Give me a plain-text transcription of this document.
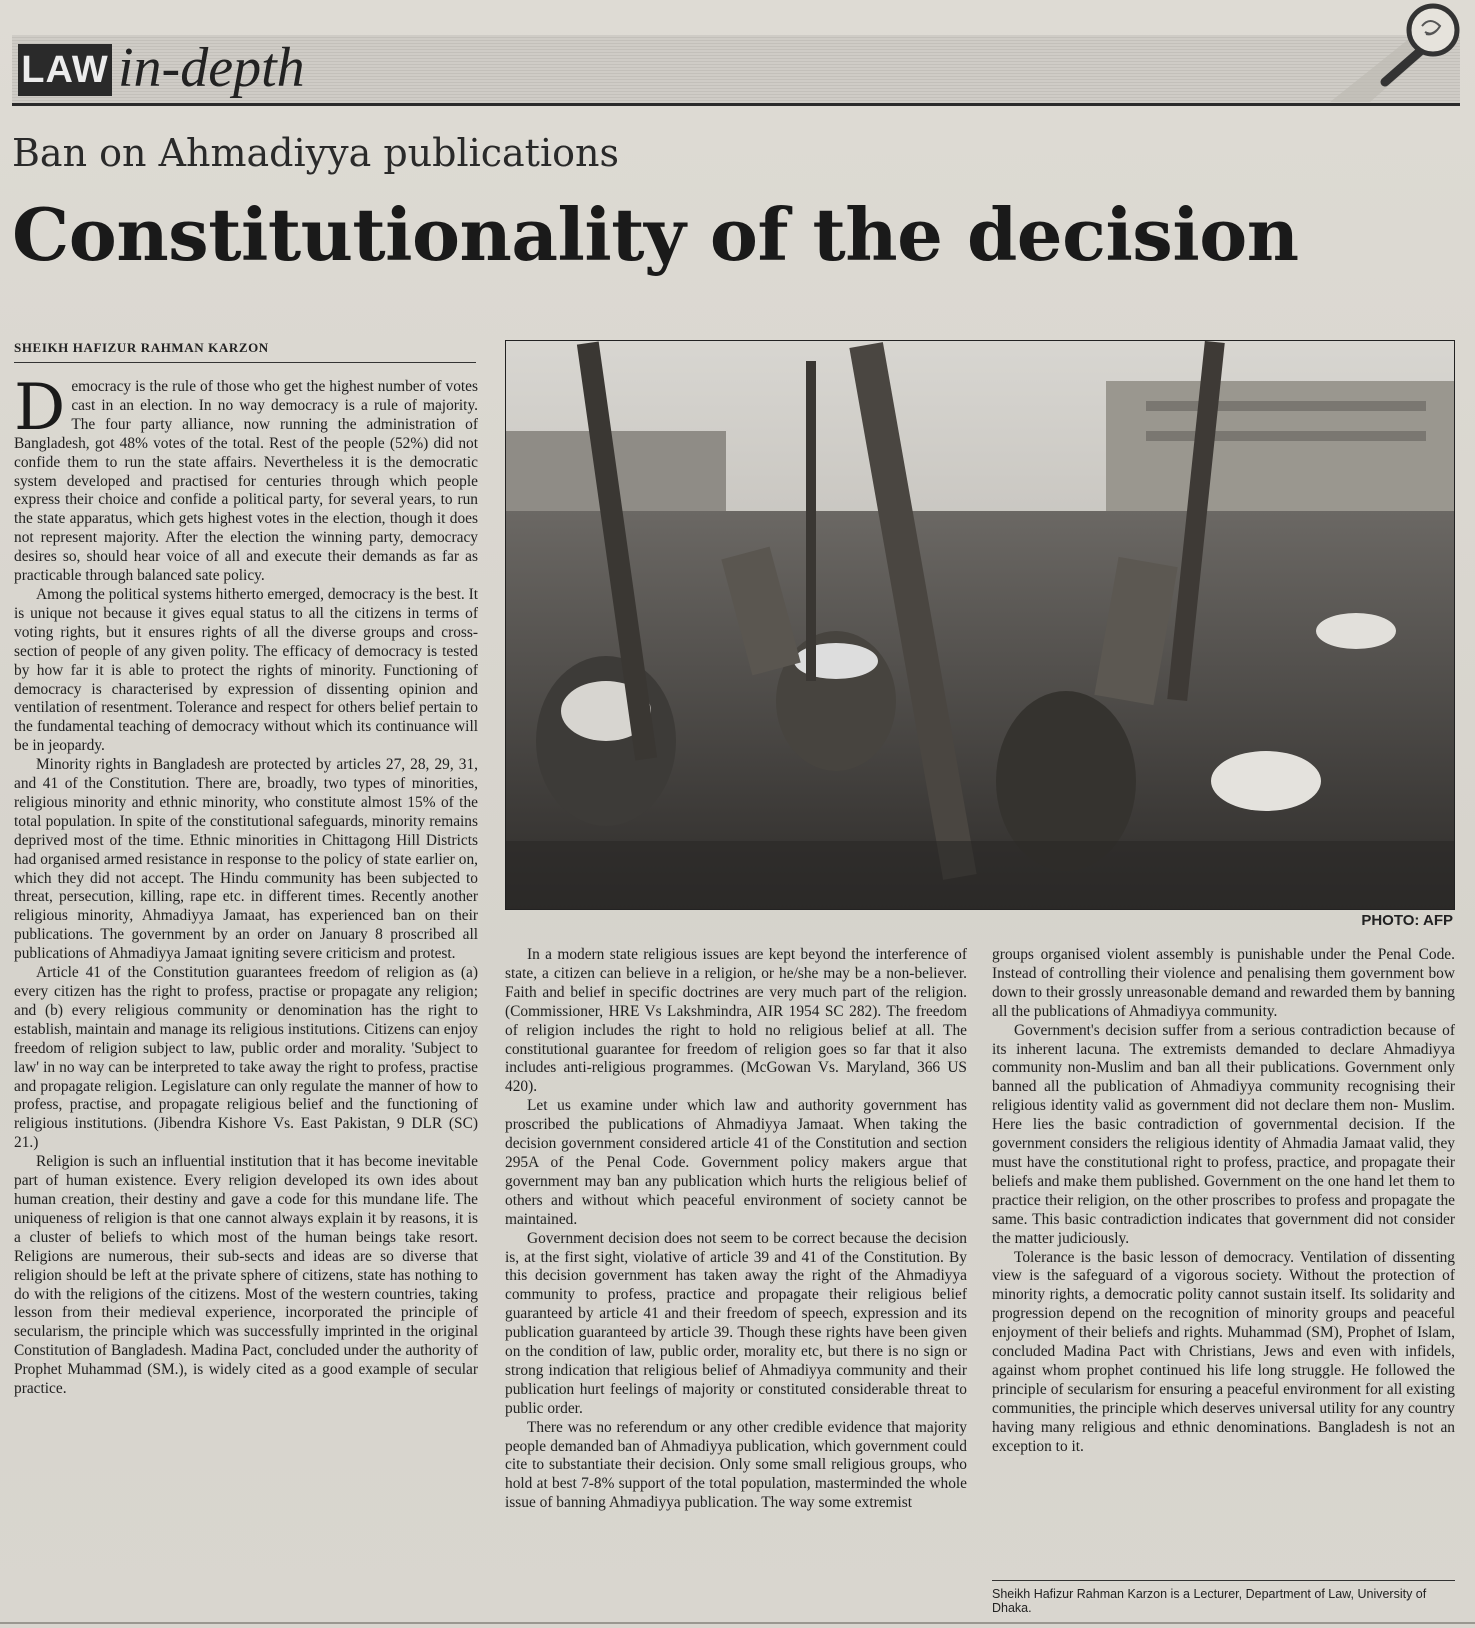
LAW in-depth
Ban on Ahmadiyya publications
Constitutionality of the decision
SHEIKH HAFIZUR RAHMAN KARZON

Democracy is the rule of those who get the highest number of votes cast in an election. In no way democracy is a rule of majority. The four party alliance, now running the administration of Bangladesh, got 48% votes of the total. Rest of the people (52%) did not confide them to run the state affairs. Nevertheless it is the democratic system developed and practised for centuries through which people express their choice and confide a political party, for several years, to run the state apparatus, which gets highest votes in the election, though it does not represent majority. After the election the winning party, democracy desires so, should hear voice of all and execute their demands as far as practicable through balanced sate policy.

Among the political systems hitherto emerged, democracy is the best. It is unique not because it gives equal status to all the citizens in terms of voting rights, but it ensures rights of all the diverse groups and cross-section of people of any given polity. The efficacy of democracy is tested by how far it is able to protect the rights of minority. Functioning of democracy is characterised by expression of dissenting opinion and ventilation of resentment. Tolerance and respect for others belief pertain to the fundamental teaching of democracy without which its continuance will be in jeopardy.

Minority rights in Bangladesh are protected by articles 27, 28, 29, 31, and 41 of the Constitution. There are, broadly, two types of minorities, religious minority and ethnic minority, who constitute almost 15% of the total population. In spite of the constitutional safeguards, minority remains deprived most of the time. Ethnic minorities in Chittagong Hill Districts had organised armed resistance in response to the policy of state earlier on, which they did not accept. The Hindu community has been subjected to threat, persecution, killing, rape etc. in different times. Recently another religious minority, Ahmadiyya Jamaat, has experienced ban on their publications. The government by an order on January 8 proscribed all publications of Ahmadiyya Jamaat igniting severe criticism and protest.

Article 41 of the Constitution guarantees freedom of religion as (a) every citizen has the right to profess, practise or propagate any religion; and (b) every religious community or denomination has the right to establish, maintain and manage its religious institutions. Citizens can enjoy freedom of religion subject to law, public order and morality. 'Subject to law' in no way can be interpreted to take away the right to profess, practise and propagate religion. Legislature can only regulate the manner of how to profess, practise, and propagate religious belief and the functioning of religious institutions. (Jibendra Kishore Vs. East Pakistan, 9 DLR (SC) 21.)

Religion is such an influential institution that it has become inevitable part of human existence. Every religion developed its own ides about human creation, their destiny and gave a code for this mundane life. The uniqueness of religion is that one cannot always explain it by reasons, it is a cluster of beliefs to which most of the human beings take resort. Religions are numerous, their sub-sects and ideas are so diverse that religion should be left at the private sphere of citizens, state has nothing to do with the religions of the citizens. Most of the western countries, taking lesson from their medieval experience, incorporated the principle of secularism, the principle which was successfully imprinted in the original Constitution of Bangladesh. Madina Pact, concluded under the authority of Prophet Muhammad (SM.), is widely cited as a good example of secular practice.

PHOTO: AFP

In a modern state religious issues are kept beyond the interference of state, a citizen can believe in a religion, or he/she may be a non-believer. Faith and belief in specific doctrines are very much part of the religion. (Commissioner, HRE Vs Lakshmindra, AIR 1954 SC 282). The freedom of religion includes the right to hold no religious belief at all. The constitutional guarantee for freedom of religion goes so far that it also includes anti-religious programmes. (McGowan Vs. Maryland, 366 US 420).

Let us examine under which law and authority government has proscribed the publications of Ahmadiyya Jamaat. When taking the decision government considered article 41 of the Constitution and section 295A of the Penal Code. Government policy makers argue that government may ban any publication which hurts the religious belief of others and without which peaceful environment of society cannot be maintained.

Government decision does not seem to be correct because the decision is, at the first sight, violative of article 39 and 41 of the Constitution. By this decision government has taken away the right of the Ahmadiyya community to profess, practice and propagate their religious belief guaranteed by article 41 and their freedom of speech, expression and its publication guaranteed by article 39. Though these rights have been given on the condition of law, public order, morality etc, but there is no sign or strong indication that religious belief of Ahmadiyya community and their publication hurt feelings of majority or constituted considerable threat to public order.

There was no referendum or any other credible evidence that majority people demanded ban of Ahmadiyya publication, which government could cite to substantiate their decision. Only some small religious groups, who hold at best 7-8% support of the total population, masterminded the whole issue of banning Ahmadiyya publication. The way some extremist

groups organised violent assembly is punishable under the Penal Code. Instead of controlling their violence and penalising them government bow down to their grossly unreasonable demand and rewarded them by banning all the publications of Ahmadiyya community.

Government's decision suffer from a serious contradiction because of its inherent lacuna. The extremists demanded to declare Ahmadiyya community non-Muslim and ban all their publications. Government only banned all the publication of Ahmadiyya community recognising their religious identity valid as government did not declare them non- Muslim. Here lies the basic contradiction of governmental decision. If the government considers the religious identity of Ahmadia Jamaat valid, they must have the constitutional right to profess, practice, and propagate their beliefs and make them published. Government on the one hand let them to practice their religion, on the other proscribes to profess and propagate the same. This basic contradiction indicates that government did not consider the matter judiciously.

Tolerance is the basic lesson of democracy. Ventilation of dissenting view is the safeguard of a vigorous society. Without the protection of minority rights, a democratic polity cannot sustain itself. Its solidarity and progression depend on the recognition of minority groups and peaceful enjoyment of their beliefs and rights. Muhammad (SM), Prophet of Islam, concluded Madina Pact with Christians, Jews and even with infidels, against whom prophet continued his life long struggle. He followed the principle of secularism for ensuring a peaceful environment for all existing communities, the principle which deserves universal utility for any country having many religious and ethnic denominations. Bangladesh is not an exception to it.

Sheikh Hafizur Rahman Karzon is a Lecturer, Department of Law, University of Dhaka.
